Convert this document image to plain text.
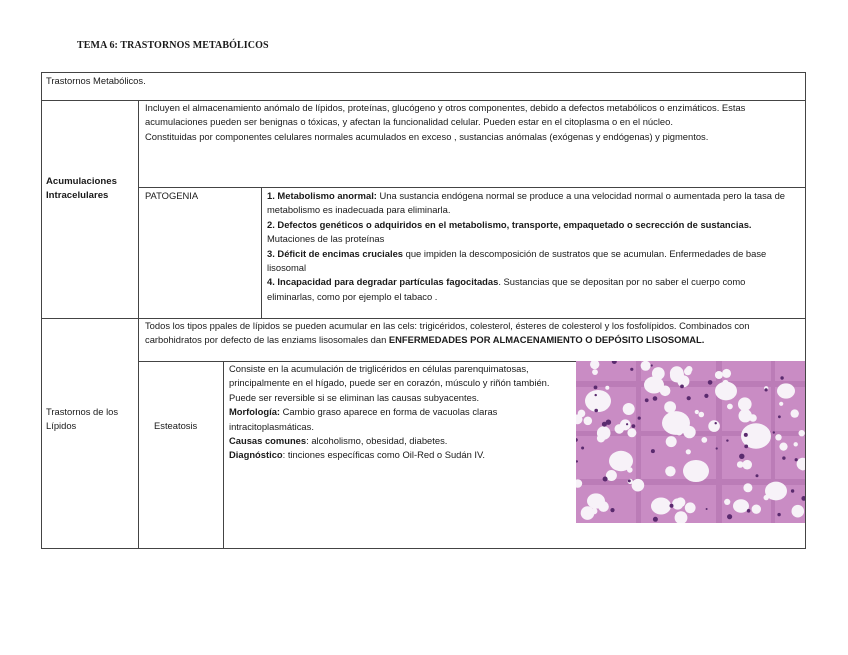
TEMA 6: TRASTORNOS METABÓLICOS
Trastornos Metabólicos.
Acumulaciones Intracelulares

Incluyen el almacenamiento anómalo de lípidos, proteínas, glucógeno y otros componentes, debido a defectos metabólicos o enzimáticos. Estas acumulaciones pueden ser benignas o tóxicas, y afectan la funcionalidad celular. Pueden estar en el citoplasma o en el núcleo.

Constituidas por componentes celulares normales acumulados en exceso , sustancias anómalas (exógenas y endógenas) y pigmentos.

PATOGENIA	1. Metabolismo anormal: Una sustancia endógena normal se produce a una velocidad normal o aumentada pero la tasa de metabolismo es inadecuada para eliminarla.

2. Defectos genéticos o adquiridos en el metabolismo, transporte, empaquetado o secrección de sustancias. Mutaciones de las proteínas

3. Déficit de encimas cruciales que impiden la descomposición de sustratos que se acumulan. Enfermedades de base lisosomal

4. Incapacidad para degradar partículas fagocitadas. Sustancias que se depositan por no saber el cuerpo como eliminarlas, como por ejemplo el tabaco .

Trastornos de los Lípidos
Todos los tipos ppales de lípidos se pueden acumular en las cels: trigicéridos, colesterol, ésteres de colesterol y los fosfolípidos. Combinados con carbohidratos por defecto de las enziams lisosomales dan ENFERMEDADES POR ALMACENAMIENTO O DEPÓSITO LISOSOMAL.
Esteatosis

Consiste en la acumulación de triglicéridos en células parenquimatosas, principalmente en el hígado, puede ser en corazón, músculo y riñón también. Puede ser reversible si se eliminan las causas subyacentes.

Morfología: Cambio graso aparece en forma de vacuolas claras intracitoplasmáticas.

Causas comunes: alcoholismo, obesidad, diabetes.

Diagnóstico: tinciones específicas como Oil-Red o Sudán IV.
